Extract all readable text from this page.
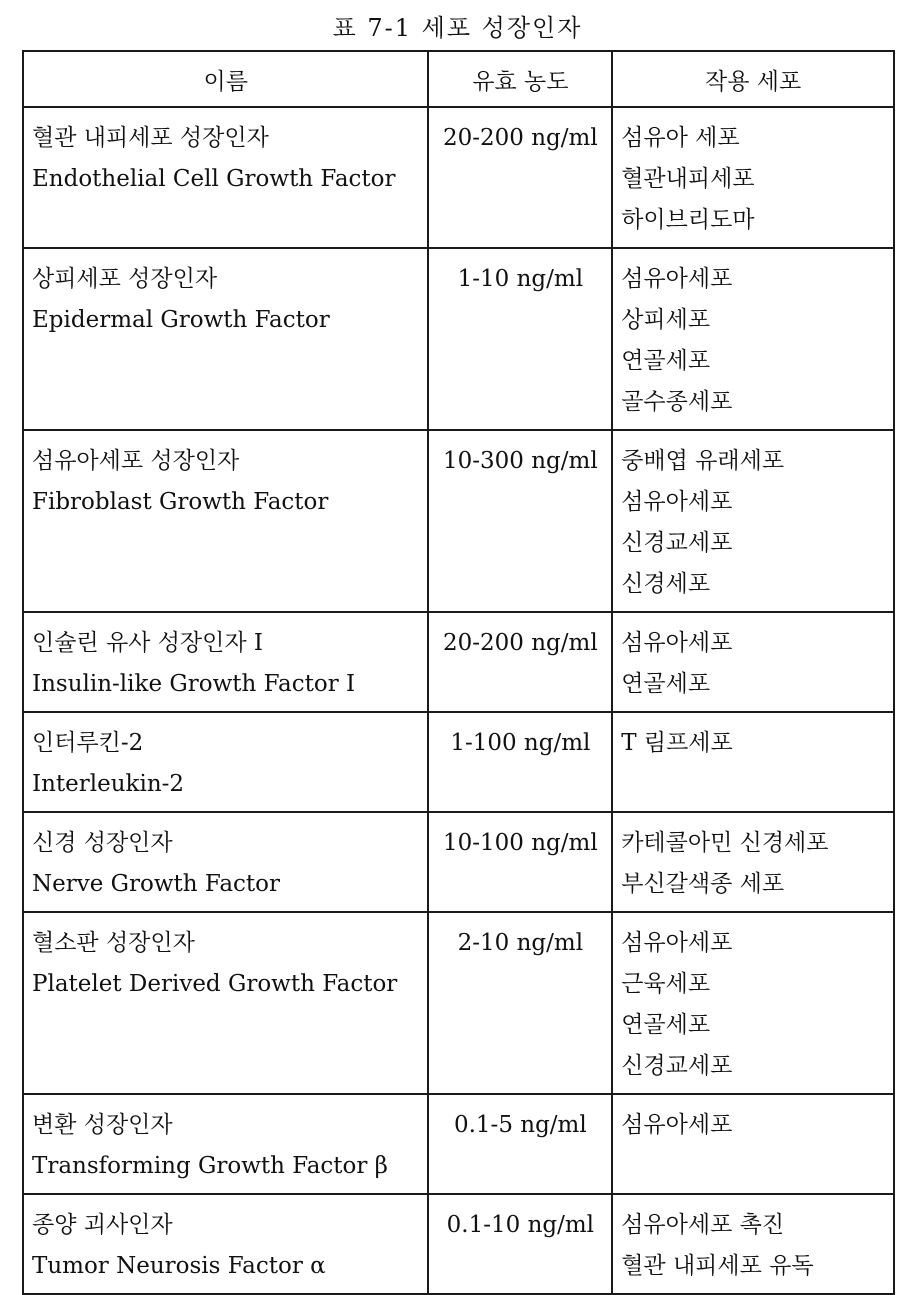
표 7-1 세포 성장인자
이름	유효 농도	작용 세포

혈관 내피세포 성장인자
Endothelial Cell Growth Factor	20-200 ng/ml	섬유아 세포
혈관내피세포
하이브리도마

상피세포 성장인자
Epidermal Growth Factor	1-10 ng/ml	섬유아세포
상피세포
연골세포
골수종세포

섬유아세포 성장인자
Fibroblast Growth Factor	10-300 ng/ml	중배엽 유래세포
섬유아세포
신경교세포
신경세포

인슐린 유사 성장인자 I
Insulin-like Growth Factor I	20-200 ng/ml	섬유아세포
연골세포

인터루킨-2
Interleukin-2	1-100 ng/ml	T 림프세포

신경 성장인자
Nerve Growth Factor	10-100 ng/ml	카테콜아민 신경세포
부신갈색종 세포

혈소판 성장인자
Platelet Derived Growth Factor	2-10 ng/ml	섬유아세포
근육세포
연골세포
신경교세포

변환 성장인자
Transforming Growth Factor β	0.1-5 ng/ml	섬유아세포

종양 괴사인자
Tumor Neurosis Factor α	0.1-10 ng/ml	섬유아세포 촉진
혈관 내피세포 유독
